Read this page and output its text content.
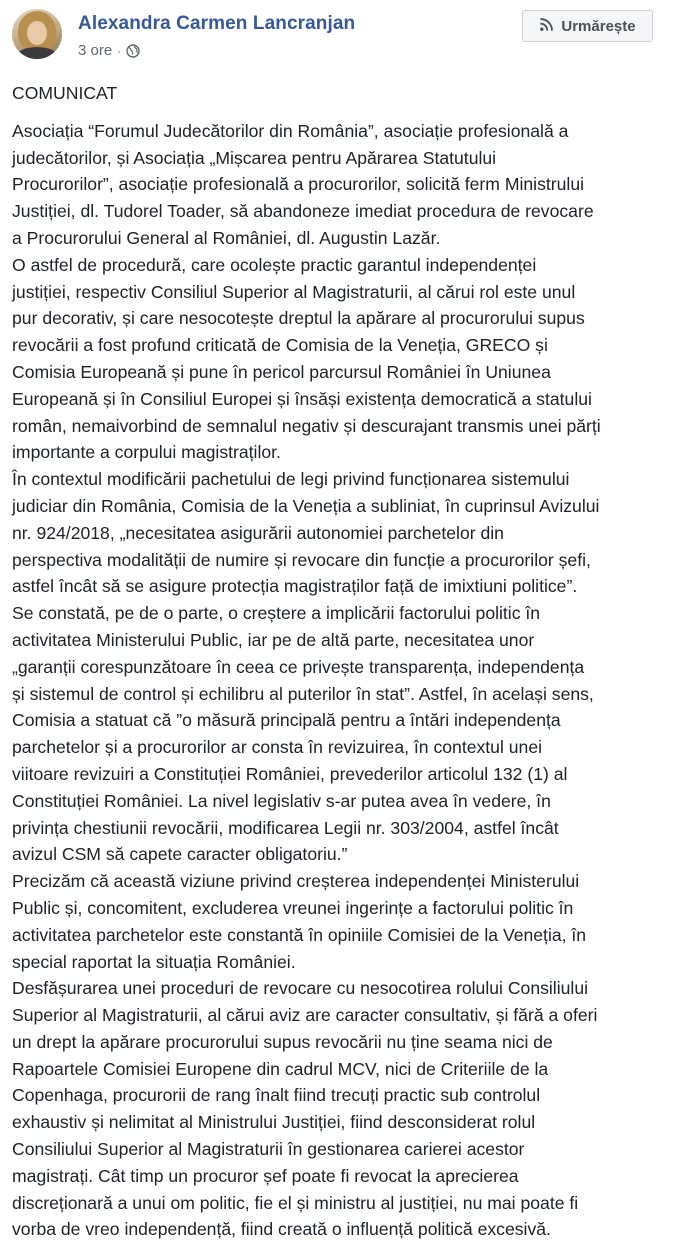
Alexandra Carmen Lancranjan
3 ore ·
Urmărește

COMUNICAT

Asociația “Forumul Judecătorilor din România”, asociație profesională a
judecătorilor, și Asociația „Mișcarea pentru Apărarea Statutului
Procurorilor”, asociație profesională a procurorilor, solicită ferm Ministrului
Justiției, dl. Tudorel Toader, să abandoneze imediat procedura de revocare
a Procurorului General al României, dl. Augustin Lazăr.

O astfel de procedură, care ocolește practic garantul independenței
justiției, respectiv Consiliul Superior al Magistraturii, al cărui rol este unul
pur decorativ, și care nesocotește dreptul la apărare al procurorului supus
revocării a fost profund criticată de Comisia de la Veneția, GRECO și
Comisia Europeană și pune în pericol parcursul României în Uniunea
Europeană și în Consiliul Europei și însăși existența democratică a statului
român, nemaivorbind de semnalul negativ și descurajant transmis unei părți
importante a corpului magistraților.

În contextul modificării pachetului de legi privind funcționarea sistemului
judiciar din România, Comisia de la Veneția a subliniat, în cuprinsul Avizului
nr. 924/2018, „necesitatea asigurării autonomiei parchetelor din
perspectiva modalității de numire și revocare din funcție a procurorilor șefi,
astfel încât să se asigure protecția magistraților față de imixtiuni politice”.

Se constată, pe de o parte, o creștere a implicării factorului politic în
activitatea Ministerului Public, iar pe de altă parte, necesitatea unor
„garanții corespunzătoare în ceea ce privește transparența, independența
și sistemul de control și echilibru al puterilor în stat”. Astfel, în același sens,
Comisia a statuat că ”o măsură principală pentru a întări independența
parchetelor și a procurorilor ar consta în revizuirea, în contextul unei
viitoare revizuiri a Constituției României, prevederilor articolul 132 (1) al
Constituției României. La nivel legislativ s-ar putea avea în vedere, în
privința chestiunii revocării, modificarea Legii nr. 303/2004, astfel încât
avizul CSM să capete caracter obligatoriu.”

Precizăm că această viziune privind creșterea independenței Ministerului
Public și, concomitent, excluderea vreunei ingerințe a factorului politic în
activitatea parchetelor este constantă în opiniile Comisiei de la Veneția, în
special raportat la situația României.

Desfășurarea unei proceduri de revocare cu nesocotirea rolului Consiliului
Superior al Magistraturii, al cărui aviz are caracter consultativ, și fără a oferi
un drept la apărare procurorului supus revocării nu ține seama nici de
Rapoartele Comisiei Europene din cadrul MCV, nici de Criteriile de la
Copenhaga, procurorii de rang înalt fiind trecuți practic sub controlul
exhaustiv și nelimitat al Ministrului Justiției, fiind desconsiderat rolul
Consiliului Superior al Magistraturii în gestionarea carierei acestor
magistrați. Cât timp un procuror șef poate fi revocat la aprecierea
discreționară a unui om politic, fie el și ministru al justiției, nu mai poate fi
vorba de vreo independență, fiind creată o influență politică excesivă.
